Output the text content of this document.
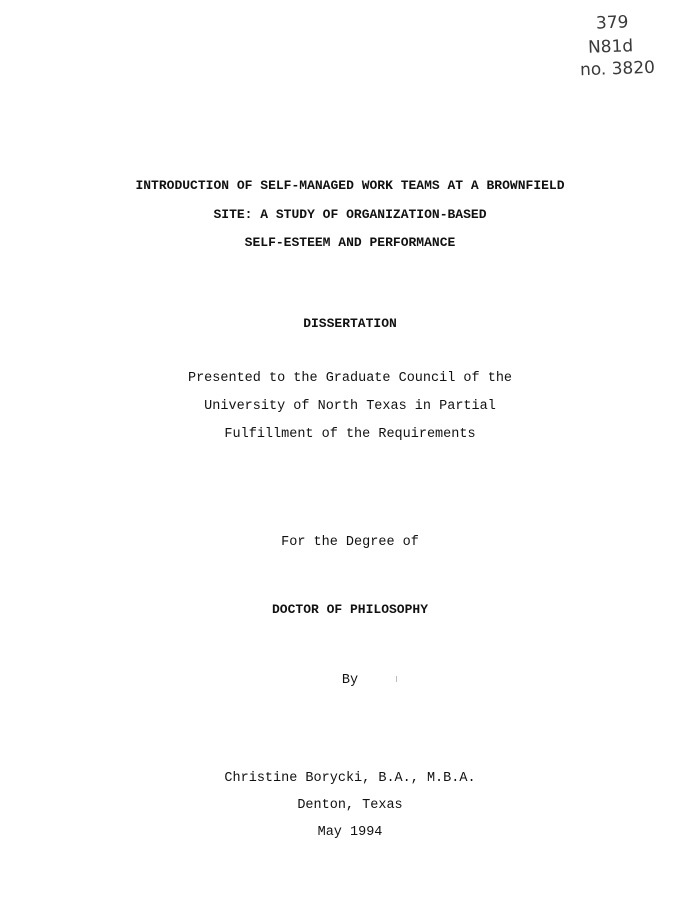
379
N81d
no. 3820
INTRODUCTION OF SELF-MANAGED WORK TEAMS AT A BROWNFIELD
SITE: A STUDY OF ORGANIZATION-BASED
SELF-ESTEEM AND PERFORMANCE
DISSERTATION
Presented to the Graduate Council of the
University of North Texas in Partial
Fulfillment of the Requirements
For the Degree of
DOCTOR OF PHILOSOPHY
By
Christine Borycki, B.A., M.B.A.
Denton, Texas
May 1994
